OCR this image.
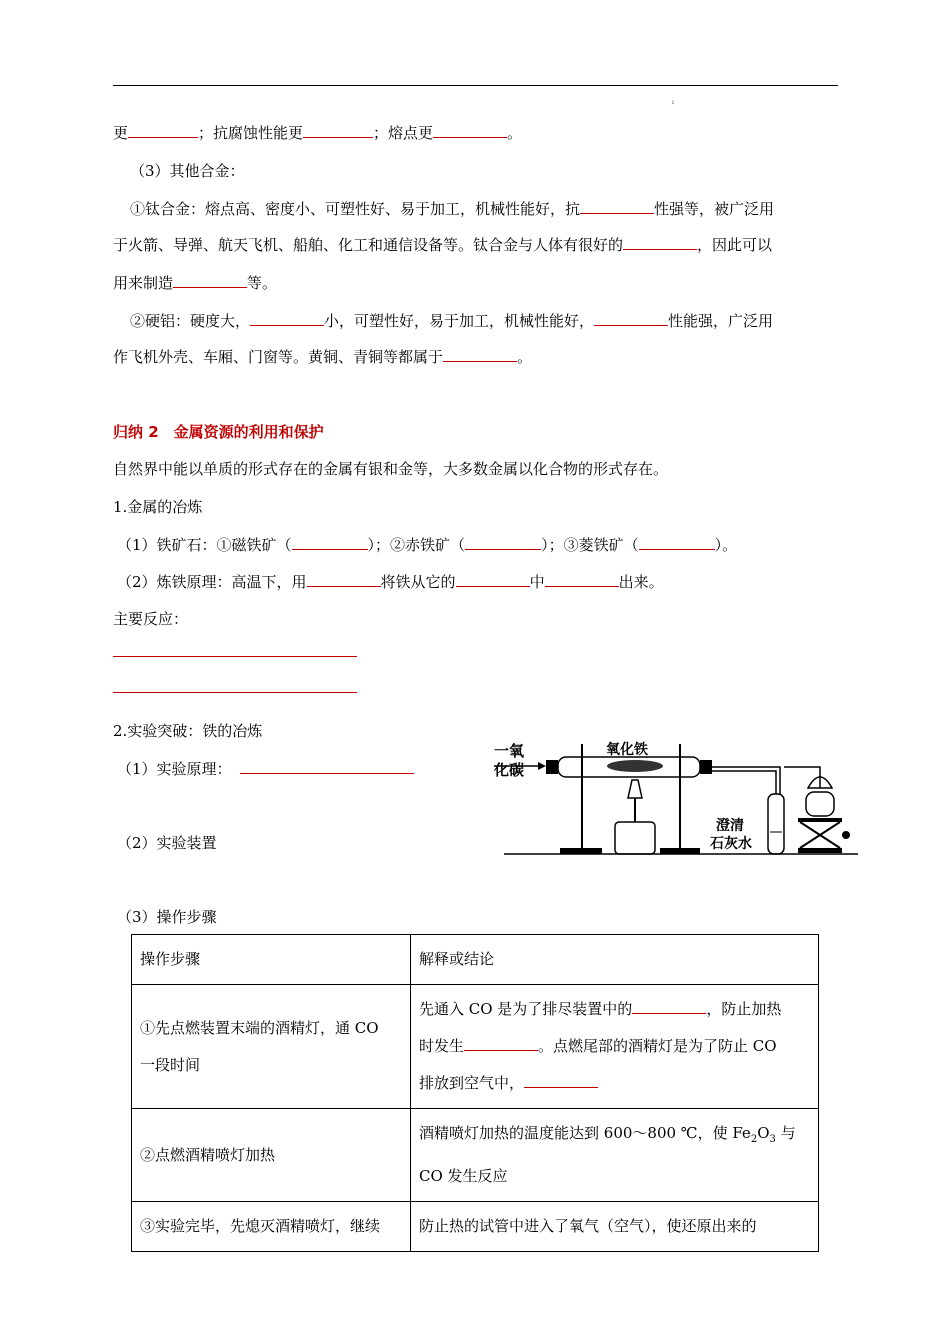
ı
更	；抗腐蚀性能更	；熔点更	。
（3）其他合金：
①钛合金：熔点高、密度小、可塑性好、易于加工，机械性能好，抗	性强等，被广泛用
于火箭、导弹、航天飞机、船舶、化工和通信设备等。钛合金与人体有很好的	，因此可以
用来制造	等。
②硬铝：硬度大，	小，可塑性好，易于加工，机械性能好，	性能强，广泛用
作飞机外壳、车厢、门窗等。黄铜、青铜等都属于	。
归纳 2　金属资源的利用和保护
自然界中能以单质的形式存在的金属有银和金等，大多数金属以化合物的形式存在。
1.金属的冶炼
（1）铁矿石：①磁铁矿（	）；②赤铁矿（	）；③菱铁矿（	）。
（2）炼铁原理：高温下，用	将铁从它的	中	出来。
主要反应：
2.实验突破：铁的冶炼
（1）实验原理：
（2）实验装置
一氧
化碳
氧化铁
澄清
石灰水
（3）操作步骤
操作步骤	解释或结论
①先点燃装置末端的酒精灯，通 CO
一段时间	先通入 CO 是为了排尽装置中的 ，防止加热
时发生 。点燃尾部的酒精灯是为了防止 CO
排放到空气中，
②点燃酒精喷灯加热	酒精喷灯加热的温度能达到 600～800 ℃，使 $Fe_2O_3$ 与
CO 发生反应
③实验完毕，先熄灭酒精喷灯，继续	防止热的试管中进入了氧气（空气），使还原出来的
